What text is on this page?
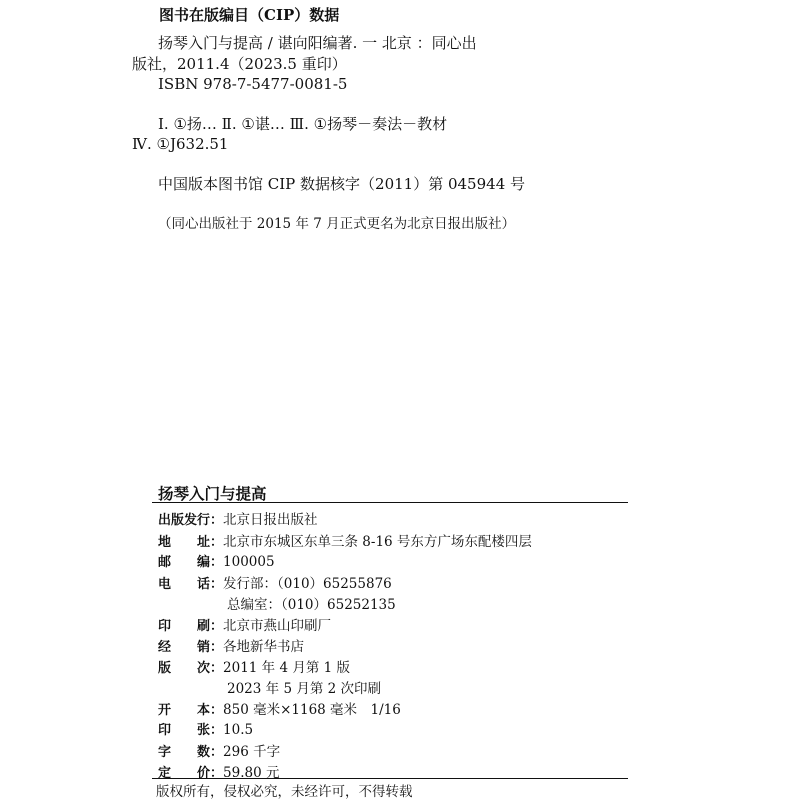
图书在版编目（CIP）数据
扬琴入门与提高 / 谌向阳编著. 一 北京 ：同心出
版社，2011.4（2023.5 重印）
ISBN 978-7-5477-0081-5
Ⅰ. ①扬… Ⅱ. ①谌… Ⅲ. ①扬琴－奏法－教材
Ⅳ. ①J632.51
中国版本图书馆 CIP 数据核字（2011）第 045944 号
（同心出版社于 2015 年 7 月正式更名为北京日报出版社）
扬琴入门与提高
出版发行：北京日报出版社
地　　址：北京市东城区东单三条 8-16 号东方广场东配楼四层
邮　　编：100005
电　　话：发行部：（010）65255876
总编室：（010）65252135
印　　刷：北京市燕山印刷厂
经　　销：各地新华书店
版　　次：2011 年 4 月第 1 版
2023 年 5 月第 2 次印刷
开　　本：850 毫米×1168 毫米　1/16
印　　张：10.5
字　　数：296 千字
定　　价：59.80 元
版权所有，侵权必究，未经许可，不得转载
